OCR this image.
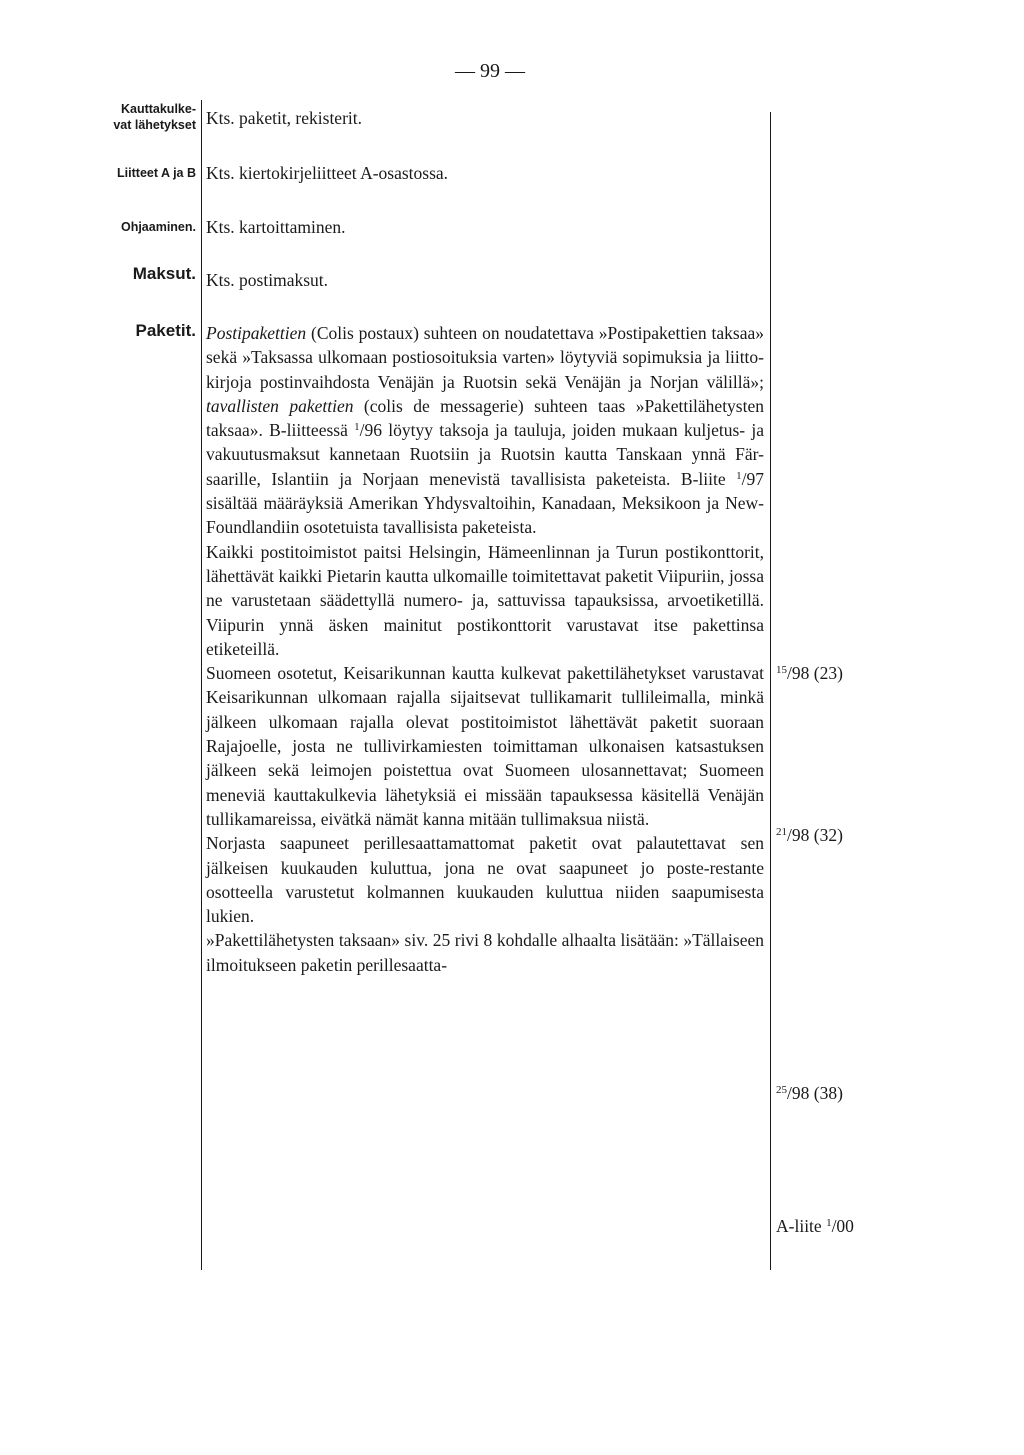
— 99 —
Kauttakulke-
vat lähetykset
Liitteet A ja B
Ohjaaminen.
Maksut.
Paketit.
Kts. paketit, rekisterit.
Kts. kiertokirjeliitteet A-osastossa.
Kts. kartoittaminen.
Kts. postimaksut.

Postipakettien (Colis postaux) suhteen on noudatettava »Postipakettien taksaa» sekä »Taksassa ulkomaan postiosoituksia varten» löytyviä sopimuksia ja liittokirjoja postinvaihdosta Venäjän ja Ruotsin sekä Venäjän ja Norjan välillä»; tavallisten pakettien (colis de messagerie) suhteen taas »Pakettilähetysten taksaa». B-liitteessä $^1$/96 löytyy taksoja ja tauluja, joiden mukaan kuljetus- ja vakuutusmaksut kannetaan Ruotsiin ja Ruotsin kautta Tanskaan ynnä Fär-saarille, Islantiin ja Norjaan menevistä tavallisista paketeista. B-liite $^1$/97 sisältää määräyksiä Amerikan Yhdysvaltoihin, Kanadaan, Meksikoon ja New-Foundlandiin osotetuista tavallisista paketeista.

Kaikki postitoimistot paitsi Helsingin, Hämeenlinnan ja Turun postikonttorit, lähettävät kaikki Pietarin kautta ulkomaille toimitettavat paketit Viipuriin, jossa ne varustetaan säädettyllä numero- ja, sattuvissa tapauksissa, arvoetiketillä. Viipurin ynnä äsken mainitut postikonttorit varustavat itse pakettinsa etiketeillä.

Suomeen osotetut, Keisarikunnan kautta kulkevat pakettilähetykset varustavat Keisarikunnan ulkomaan rajalla sijaitsevat tullikamarit tullileimalla, minkä jälkeen ulkomaan rajalla olevat postitoimistot lähettävät paketit suoraan Rajajoelle, josta ne tullivirkamiesten toimittaman ulkonaisen katsastuksen jälkeen sekä leimojen poistettua ovat Suomeen ulosannettavat; Suomeen meneviä kauttakulkevia lähetyksiä ei missään tapauksessa käsitellä Venäjän tullikamareissa, eivätkä nämät kanna mitään tullimaksua niistä.

Norjasta saapuneet perillesaattamattomat paketit ovat palautettavat sen jälkeisen kuukauden kuluttua, jona ne ovat saapuneet jo poste-restante osotteella varustetut kolmannen kuukauden kuluttua niiden saapumisesta lukien.

»Pakettilähetysten taksaan» siv. 25 rivi 8 kohdalle alhaalta lisätään: »Tällaiseen ilmoitukseen paketin perillesaatta-

$^{15}$/98 (23)
$^{21}$/98 (32)
$^{25}$/98 (38)
A-liite $^1$/00
